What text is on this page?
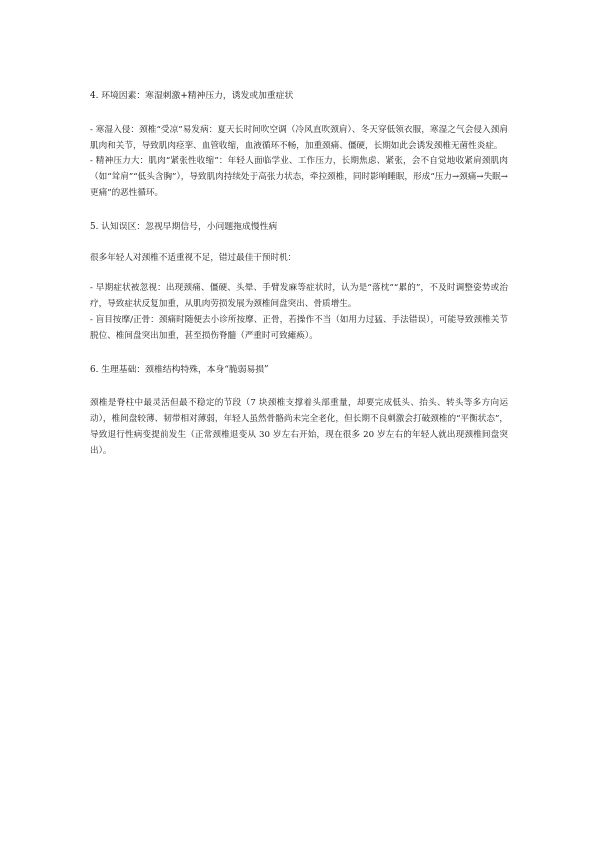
4. 环境因素：寒湿刺激+精神压力，诱发或加重症状

- 寒湿入侵：颈椎“受凉”易发病：夏天长时间吹空调（冷风直吹颈肩）、冬天穿低领衣服，寒湿之气会侵入颈肩肌肉和关节，导致肌肉痉挛、血管收缩，血液循环不畅，加重颈痛、僵硬，长期如此会诱发颈椎无菌性炎症。

- 精神压力大：肌肉“紧张性收缩”：年轻人面临学业、工作压力，长期焦虑、紧张，会不自觉地收紧肩颈肌肉（如“耸肩”“低头含胸”），导致肌肉持续处于高张力状态，牵拉颈椎，同时影响睡眠，形成“压力→颈痛→失眠→更痛”的恶性循环。

5. 认知误区：忽视早期信号，小问题拖成慢性病

很多年轻人对颈椎不适重视不足，错过最佳干预时机：

- 早期症状被忽视：出现颈痛、僵硬、头晕、手臂发麻等症状时，认为是“落枕”“累的”，不及时调整姿势或治疗，导致症状反复加重，从肌肉劳损发展为颈椎间盘突出、骨质增生。

- 盲目按摩/正骨：颈痛时随便去小诊所按摩、正骨，若操作不当（如用力过猛、手法错误），可能导致颈椎关节脱位、椎间盘突出加重，甚至损伤脊髓（严重时可致瘫痪）。

6. 生理基础：颈椎结构特殊，本身“脆弱易损”

颈椎是脊柱中最灵活但最不稳定的节段（7 块颈椎支撑着头部重量，却要完成低头、抬头、转头等多方向运动），椎间盘较薄、韧带相对薄弱，年轻人虽然骨骼尚未完全老化，但长期不良刺激会打破颈椎的“平衡状态”，导致退行性病变提前发生（正常颈椎退变从 30 岁左右开始，现在很多 20 岁左右的年轻人就出现颈椎间盘突出）。
